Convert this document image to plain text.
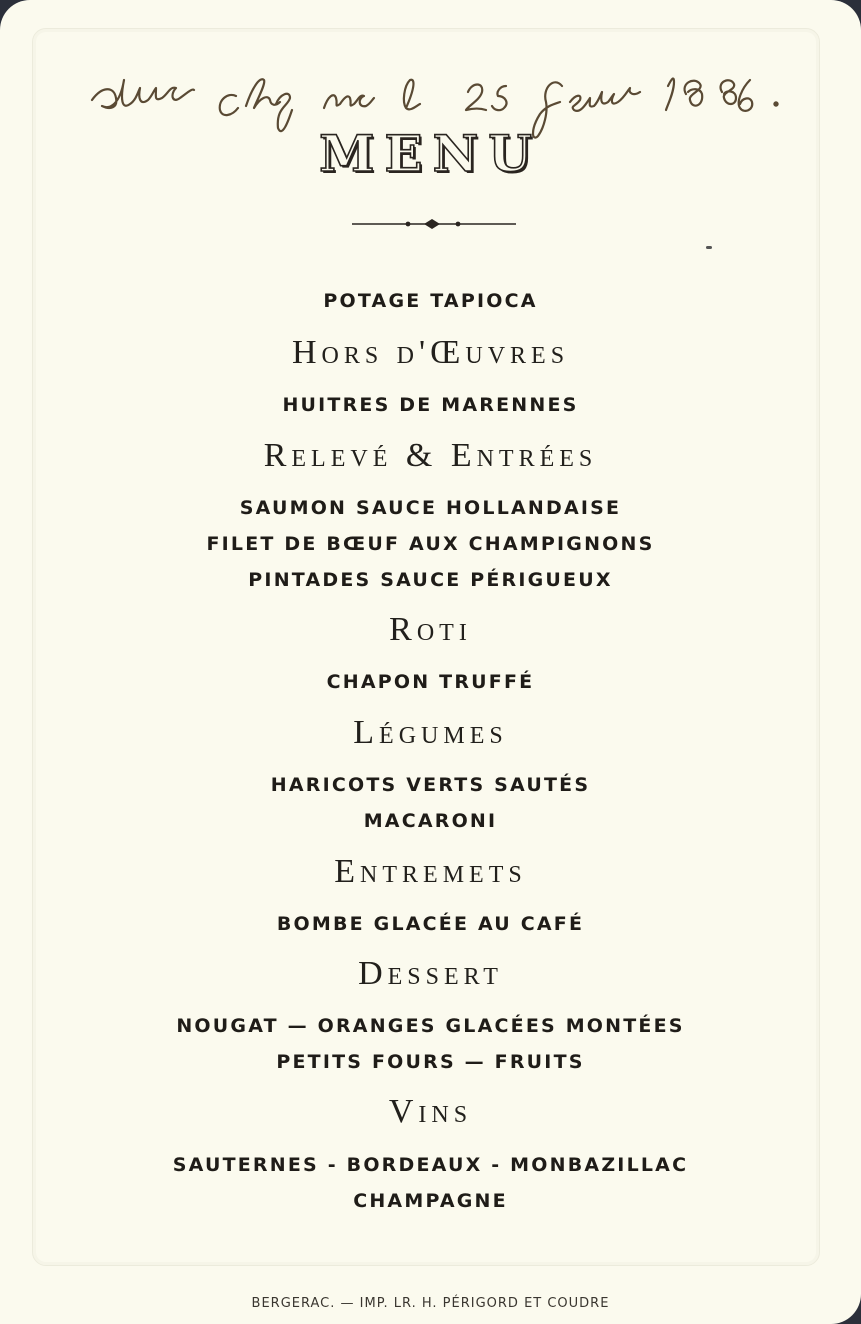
MENU
POTAGE TAPIOCA
Hors d'Œuvres
HUITRES DE MARENNES
Relevé & Entrées
SAUMON SAUCE HOLLANDAISE
FILET DE BŒUF AUX CHAMPIGNONS
PINTADES SAUCE PÉRIGUEUX
Roti
CHAPON TRUFFÉ
Légumes
HARICOTS VERTS SAUTÉS
MACARONI
Entremets
BOMBE GLACÉE AU CAFÉ
Dessert
NOUGAT — ORANGES GLACÉES MONTÉES
PETITS FOURS — FRUITS
Vins
SAUTERNES - BORDEAUX - MONBAZILLAC
CHAMPAGNE
BERGERAC. — IMP. LR. H. PÉRIGORD ET COUDRE
